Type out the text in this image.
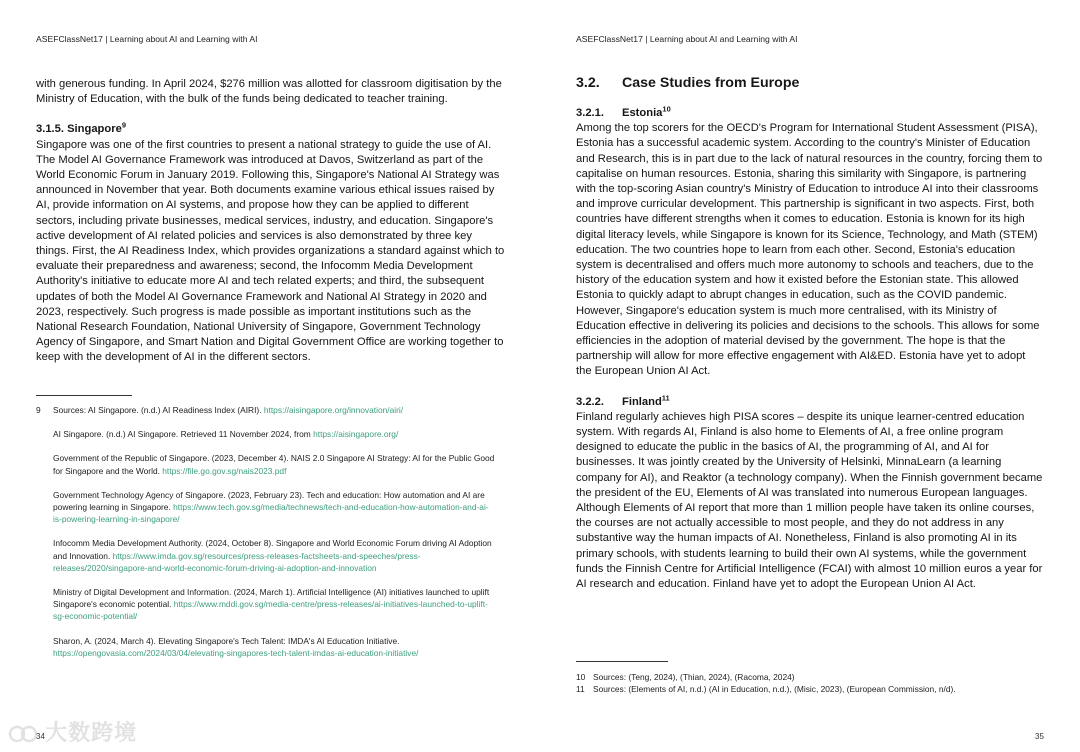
ASEFClassNet17 | Learning about AI and Learning with AI

with generous funding. In April 2024, $276 million was allotted for classroom digitisation by the Ministry of Education, with the bulk of the funds being dedicated to teacher training.

3.1.5. Singapore$^9$

Singapore was one of the first countries to present a national strategy to guide the use of AI. The Model AI Governance Framework was introduced at Davos, Switzerland as part of the World Economic Forum in January 2019. Following this, Singapore's National AI Strategy was announced in November that year. Both documents examine various ethical issues raised by AI, provide information on AI systems, and propose how they can be applied to different sectors, including private businesses, medical services, industry, and education. Singapore's active development of AI related policies and services is also demonstrated by three key things. First, the AI Readiness Index, which provides organizations a standard against which to evaluate their preparedness and awareness; second, the Infocomm Media Development Authority's initiative to educate more AI and tech related experts; and third, the subsequent updates of both the Model AI Governance Framework and National AI Strategy in 2020 and 2023, respectively. Such progress is made possible as important institutions such as the National Research Foundation, National University of Singapore, Government Technology Agency of Singapore, and Smart Nation and Digital Government Office are working together to keep with the development of AI in the different sectors.

9 Sources: AI Singapore. (n.d.) AI Readiness Index (AIRI). https://aisingapore.org/innovation/airi/
AI Singapore. (n.d.) AI Singapore. Retrieved 11 November 2024, from https://aisingapore.org/
Government of the Republic of Singapore. (2023, December 4). NAIS 2.0 Singapore AI Strategy: AI for the Public Good for Singapore and the World. https://file.go.gov.sg/nais2023.pdf
Government Technology Agency of Singapore. (2023, February 23). Tech and education: How automation and AI are powering learning in Singapore. https://www.tech.gov.sg/media/technews/tech-and-education-how-automation-and-ai-is-powering-learning-in-singapore/
Infocomm Media Development Authority. (2024, October 8). Singapore and World Economic Forum driving AI Adoption and Innovation. https://www.imda.gov.sg/resources/press-releases-factsheets-and-speeches/press-releases/2020/singapore-and-world-economic-forum-driving-ai-adoption-and-innovation
Ministry of Digital Development and Information. (2024, March 1). Artificial Intelligence (AI) initiatives launched to uplift Singapore's economic potential. https://www.mddi.gov.sg/media-centre/press-releases/ai-initiatives-launched-to-uplift-sg-economic-potential/
Sharon, A. (2024, March 4). Elevating Singapore's Tech Talent: IMDA's AI Education Initiative. https://opengovasia.com/2024/03/04/elevating-singapores-tech-talent-imdas-ai-education-initiative/
大数跨境
34
ASEFClassNet17 | Learning about AI and Learning with AI
3.2. Case Studies from Europe
3.2.1. Estonia$^{10}$

Among the top scorers for the OECD's Program for International Student Assessment (PISA), Estonia has a successful academic system. According to the country's Minister of Education and Research, this is in part due to the lack of natural resources in the country, forcing them to capitalise on human resources. Estonia, sharing this similarity with Singapore, is partnering with the top-scoring Asian country's Ministry of Education to introduce AI into their classrooms and improve curricular development. This partnership is significant in two aspects. First, both countries have different strengths when it comes to education. Estonia is known for its high digital literacy levels, while Singapore is known for its Science, Technology, and Math (STEM) education. The two countries hope to learn from each other. Second, Estonia's education system is decentralised and offers much more autonomy to schools and teachers, due to the history of the education system and how it existed before the Estonian state. This allowed Estonia to quickly adapt to abrupt changes in education, such as the COVID pandemic. However, Singapore's education system is much more centralised, with its Ministry of Education effective in delivering its policies and decisions to the schools. This allows for some efficiencies in the adoption of material devised by the government. The hope is that the partnership will allow for more effective engagement with AI&ED. Estonia have yet to adopt the European Union AI Act.

3.2.2. Finland$^{11}$

Finland regularly achieves high PISA scores – despite its unique learner-centred education system. With regards AI, Finland is also home to Elements of AI, a free online program designed to educate the public in the basics of AI, the programming of AI, and AI for businesses. It was jointly created by the University of Helsinki, MinnaLearn (a learning company for AI), and Reaktor (a technology company). When the Finnish government became the president of the EU, Elements of AI was translated into numerous European languages. Although Elements of AI report that more than 1 million people have taken its online courses, the courses are not actually accessible to most people, and they do not address in any substantive way the human impacts of AI. Nonetheless, Finland is also promoting AI in its primary schools, with students learning to build their own AI systems, while the government funds the Finnish Centre for Artificial Intelligence (FCAI) with almost 10 million euros a year for AI research and education. Finland have yet to adopt the European Union AI Act.

10 Sources: (Teng, 2024), (Thian, 2024), (Racoma, 2024)
11 Sources: (Elements of AI, n.d.) (AI in Education, n.d.), (Misic, 2023), (European Commission, n/d).
35
